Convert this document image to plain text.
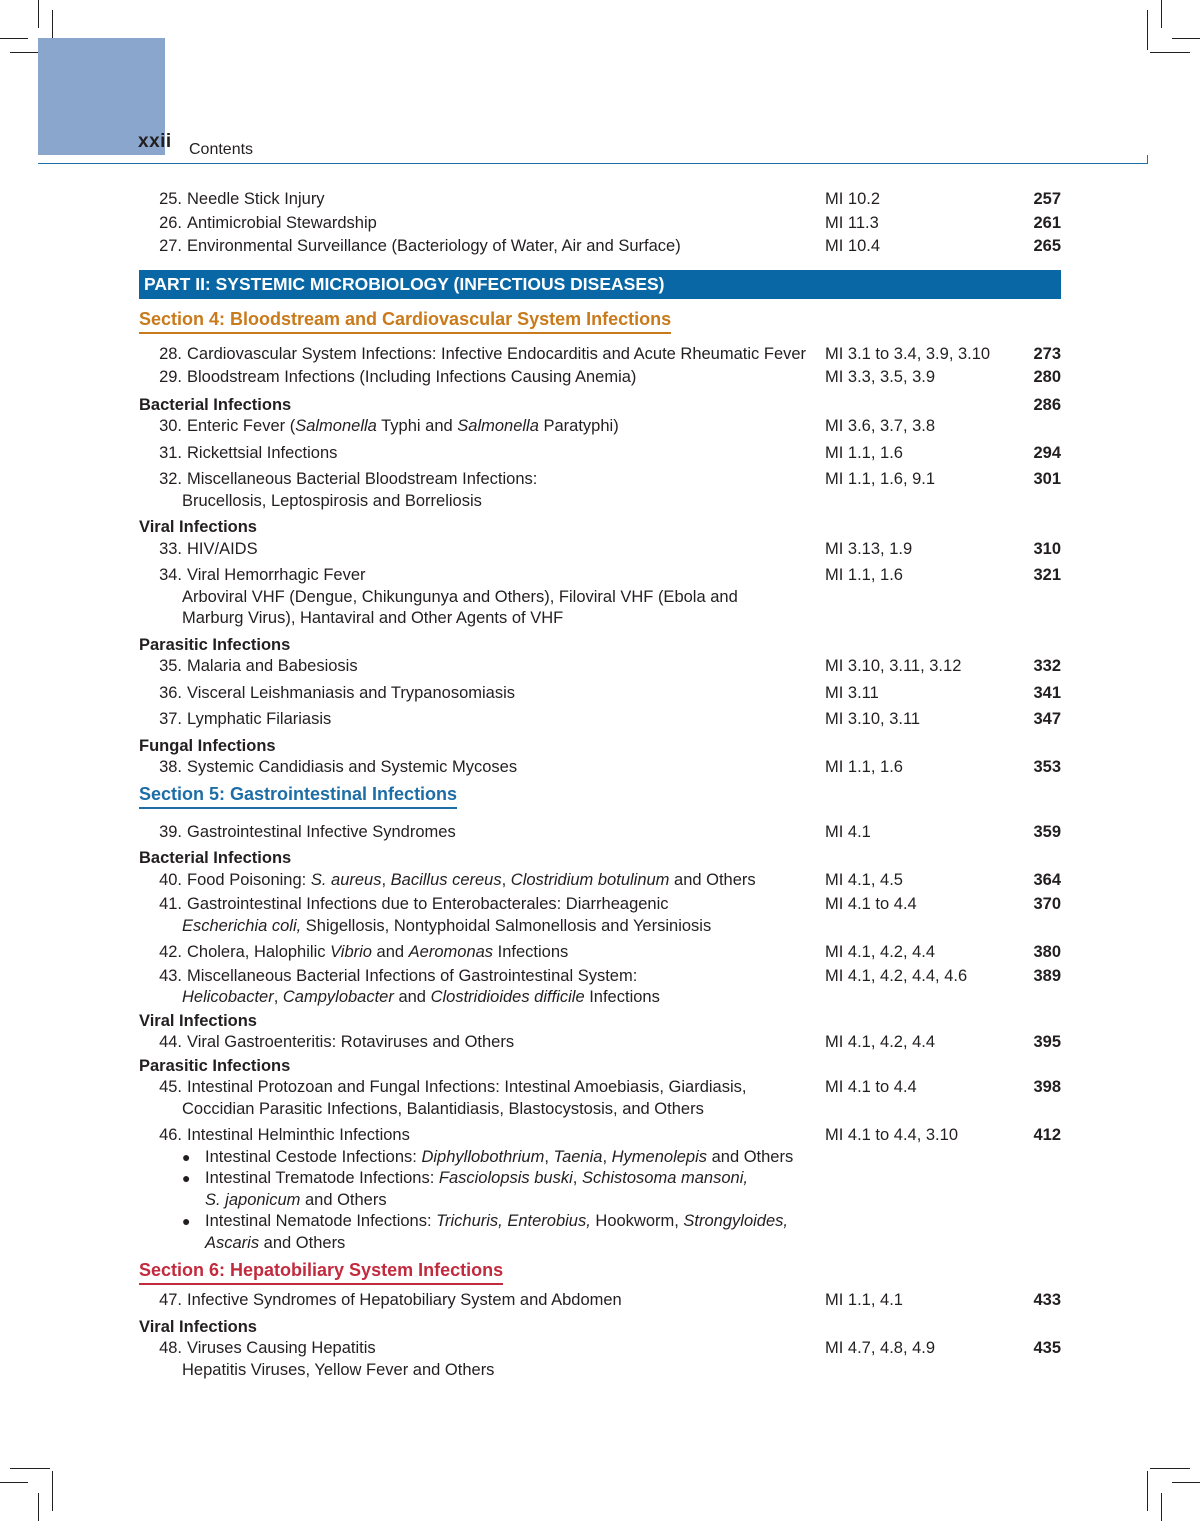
xxii Contents
25. Needle Stick Injury	MI 10.2	257
26. Antimicrobial Stewardship	MI 11.3	261
27. Environmental Surveillance (Bacteriology of Water, Air and Surface)	MI 10.4	265
PART II: SYSTEMIC MICROBIOLOGY (INFECTIOUS DISEASES)
Section 4: Bloodstream and Cardiovascular System Infections
28. Cardiovascular System Infections: Infective Endocarditis and Acute Rheumatic Fever	MI 3.1 to 3.4, 3.9, 3.10	273
29. Bloodstream Infections (Including Infections Causing Anemia)	MI 3.3, 3.5, 3.9	280
Bacterial Infections	286
30. Enteric Fever (Salmonella Typhi and Salmonella Paratyphi)	MI 3.6, 3.7, 3.8
31. Rickettsial Infections	MI 1.1, 1.6	294
32. Miscellaneous Bacterial Bloodstream Infections:	MI 1.1, 1.6, 9.1	301
Brucellosis, Leptospirosis and Borreliosis
Viral Infections
33. HIV/AIDS	MI 3.13, 1.9	310
34. Viral Hemorrhagic Fever	MI 1.1, 1.6	321
Arboviral VHF (Dengue, Chikungunya and Others), Filoviral VHF (Ebola and
Marburg Virus), Hantaviral and Other Agents of VHF
Parasitic Infections
35. Malaria and Babesiosis	MI 3.10, 3.11, 3.12	332
36. Visceral Leishmaniasis and Trypanosomiasis	MI 3.11	341
37. Lymphatic Filariasis	MI 3.10, 3.11	347
Fungal Infections
38. Systemic Candidiasis and Systemic Mycoses	MI 1.1, 1.6	353
Section 5: Gastrointestinal Infections
39. Gastrointestinal Infective Syndromes	MI 4.1	359
Bacterial Infections
40. Food Poisoning: S. aureus, Bacillus cereus, Clostridium botulinum and Others	MI 4.1, 4.5	364
41. Gastrointestinal Infections due to Enterobacterales: Diarrheagenic	MI 4.1 to 4.4	370
Escherichia coli, Shigellosis, Nontyphoidal Salmonellosis and Yersiniosis
42. Cholera, Halophilic Vibrio and Aeromonas Infections	MI 4.1, 4.2, 4.4	380
43. Miscellaneous Bacterial Infections of Gastrointestinal System:	MI 4.1, 4.2, 4.4, 4.6	389
Helicobacter, Campylobacter and Clostridioides difficile Infections
Viral Infections
44. Viral Gastroenteritis: Rotaviruses and Others	MI 4.1, 4.2, 4.4	395
Parasitic Infections
45. Intestinal Protozoan and Fungal Infections: Intestinal Amoebiasis, Giardiasis,	MI 4.1 to 4.4	398
Coccidian Parasitic Infections, Balantidiasis, Blastocystosis, and Others
46. Intestinal Helminthic Infections	MI 4.1 to 4.4, 3.10	412
● Intestinal Cestode Infections: Diphyllobothrium, Taenia, Hymenolepis and Others
● Intestinal Trematode Infections: Fasciolopsis buski, Schistosoma mansoni,
S. japonicum and Others
● Intestinal Nematode Infections: Trichuris, Enterobius, Hookworm, Strongyloides,
Ascaris and Others
Section 6: Hepatobiliary System Infections
47. Infective Syndromes of Hepatobiliary System and Abdomen	MI 1.1, 4.1	433
Viral Infections
48. Viruses Causing Hepatitis	MI 4.7, 4.8, 4.9	435
Hepatitis Viruses, Yellow Fever and Others
